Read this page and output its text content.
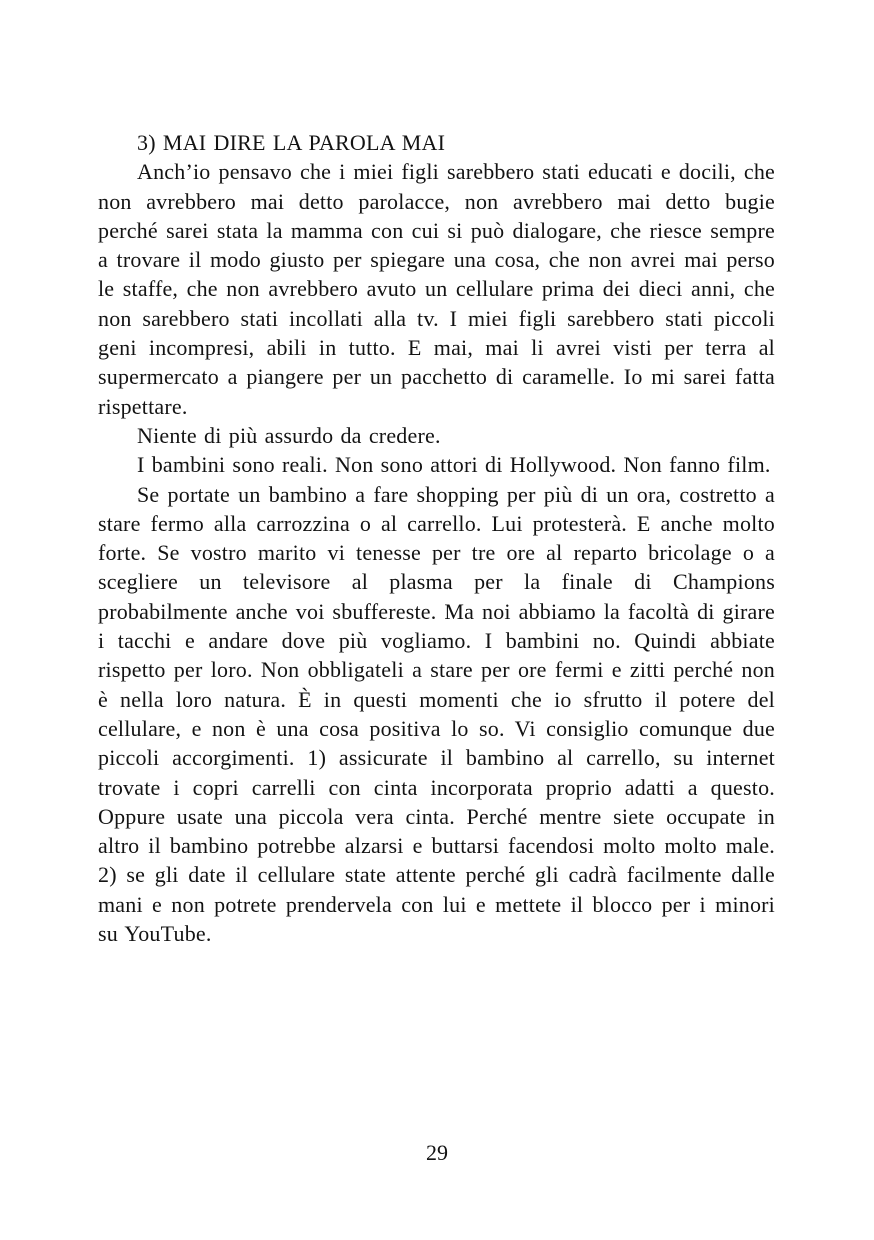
3) MAI DIRE LA PAROLA MAI

Anch’io pensavo che i miei figli sarebbero stati educati e docili, che non avrebbero mai detto parolacce, non avrebbero mai detto bugie perché sarei stata la mamma con cui si può dialogare, che riesce sempre a trovare il modo giusto per spiegare una cosa, che non avrei mai perso le staffe, che non avrebbero avuto un cellulare prima dei dieci anni, che non sarebbero stati incollati alla tv. I miei figli sarebbero stati piccoli geni incompresi, abili in tutto. E mai, mai li avrei visti per terra al supermercato a piangere per un pacchetto di caramelle. Io mi sarei fatta rispettare.

Niente di più assurdo da credere.

I bambini sono reali. Non sono attori di Hollywood. Non fanno film.

Se portate un bambino a fare shopping per più di un ora, costretto a stare fermo alla carrozzina o al carrello. Lui protesterà. E anche molto forte. Se vostro marito vi tenesse per tre ore al reparto bricolage o a scegliere un televisore al plasma per la finale di Champions probabilmente anche voi sbuffereste. Ma noi abbiamo la facoltà di girare i tacchi e andare dove più vogliamo. I bambini no. Quindi abbiate rispetto per loro. Non obbligateli a stare per ore fermi e zitti perché non è nella loro natura. È in questi momenti che io sfrutto il potere del cellulare, e non è una cosa positiva lo so. Vi consiglio comunque due piccoli accorgimenti. 1) assicurate il bambino al carrello, su internet trovate i copri carrelli con cinta incorporata proprio adatti a questo. Oppure usate una piccola vera cinta. Perché mentre siete occupate in altro il bambino potrebbe alzarsi e buttarsi facendosi molto molto male. 2) se gli date il cellulare state attente perché gli cadrà facilmente dalle mani e non potrete prendervela con lui e mettete il blocco per i minori su YouTube.

29
